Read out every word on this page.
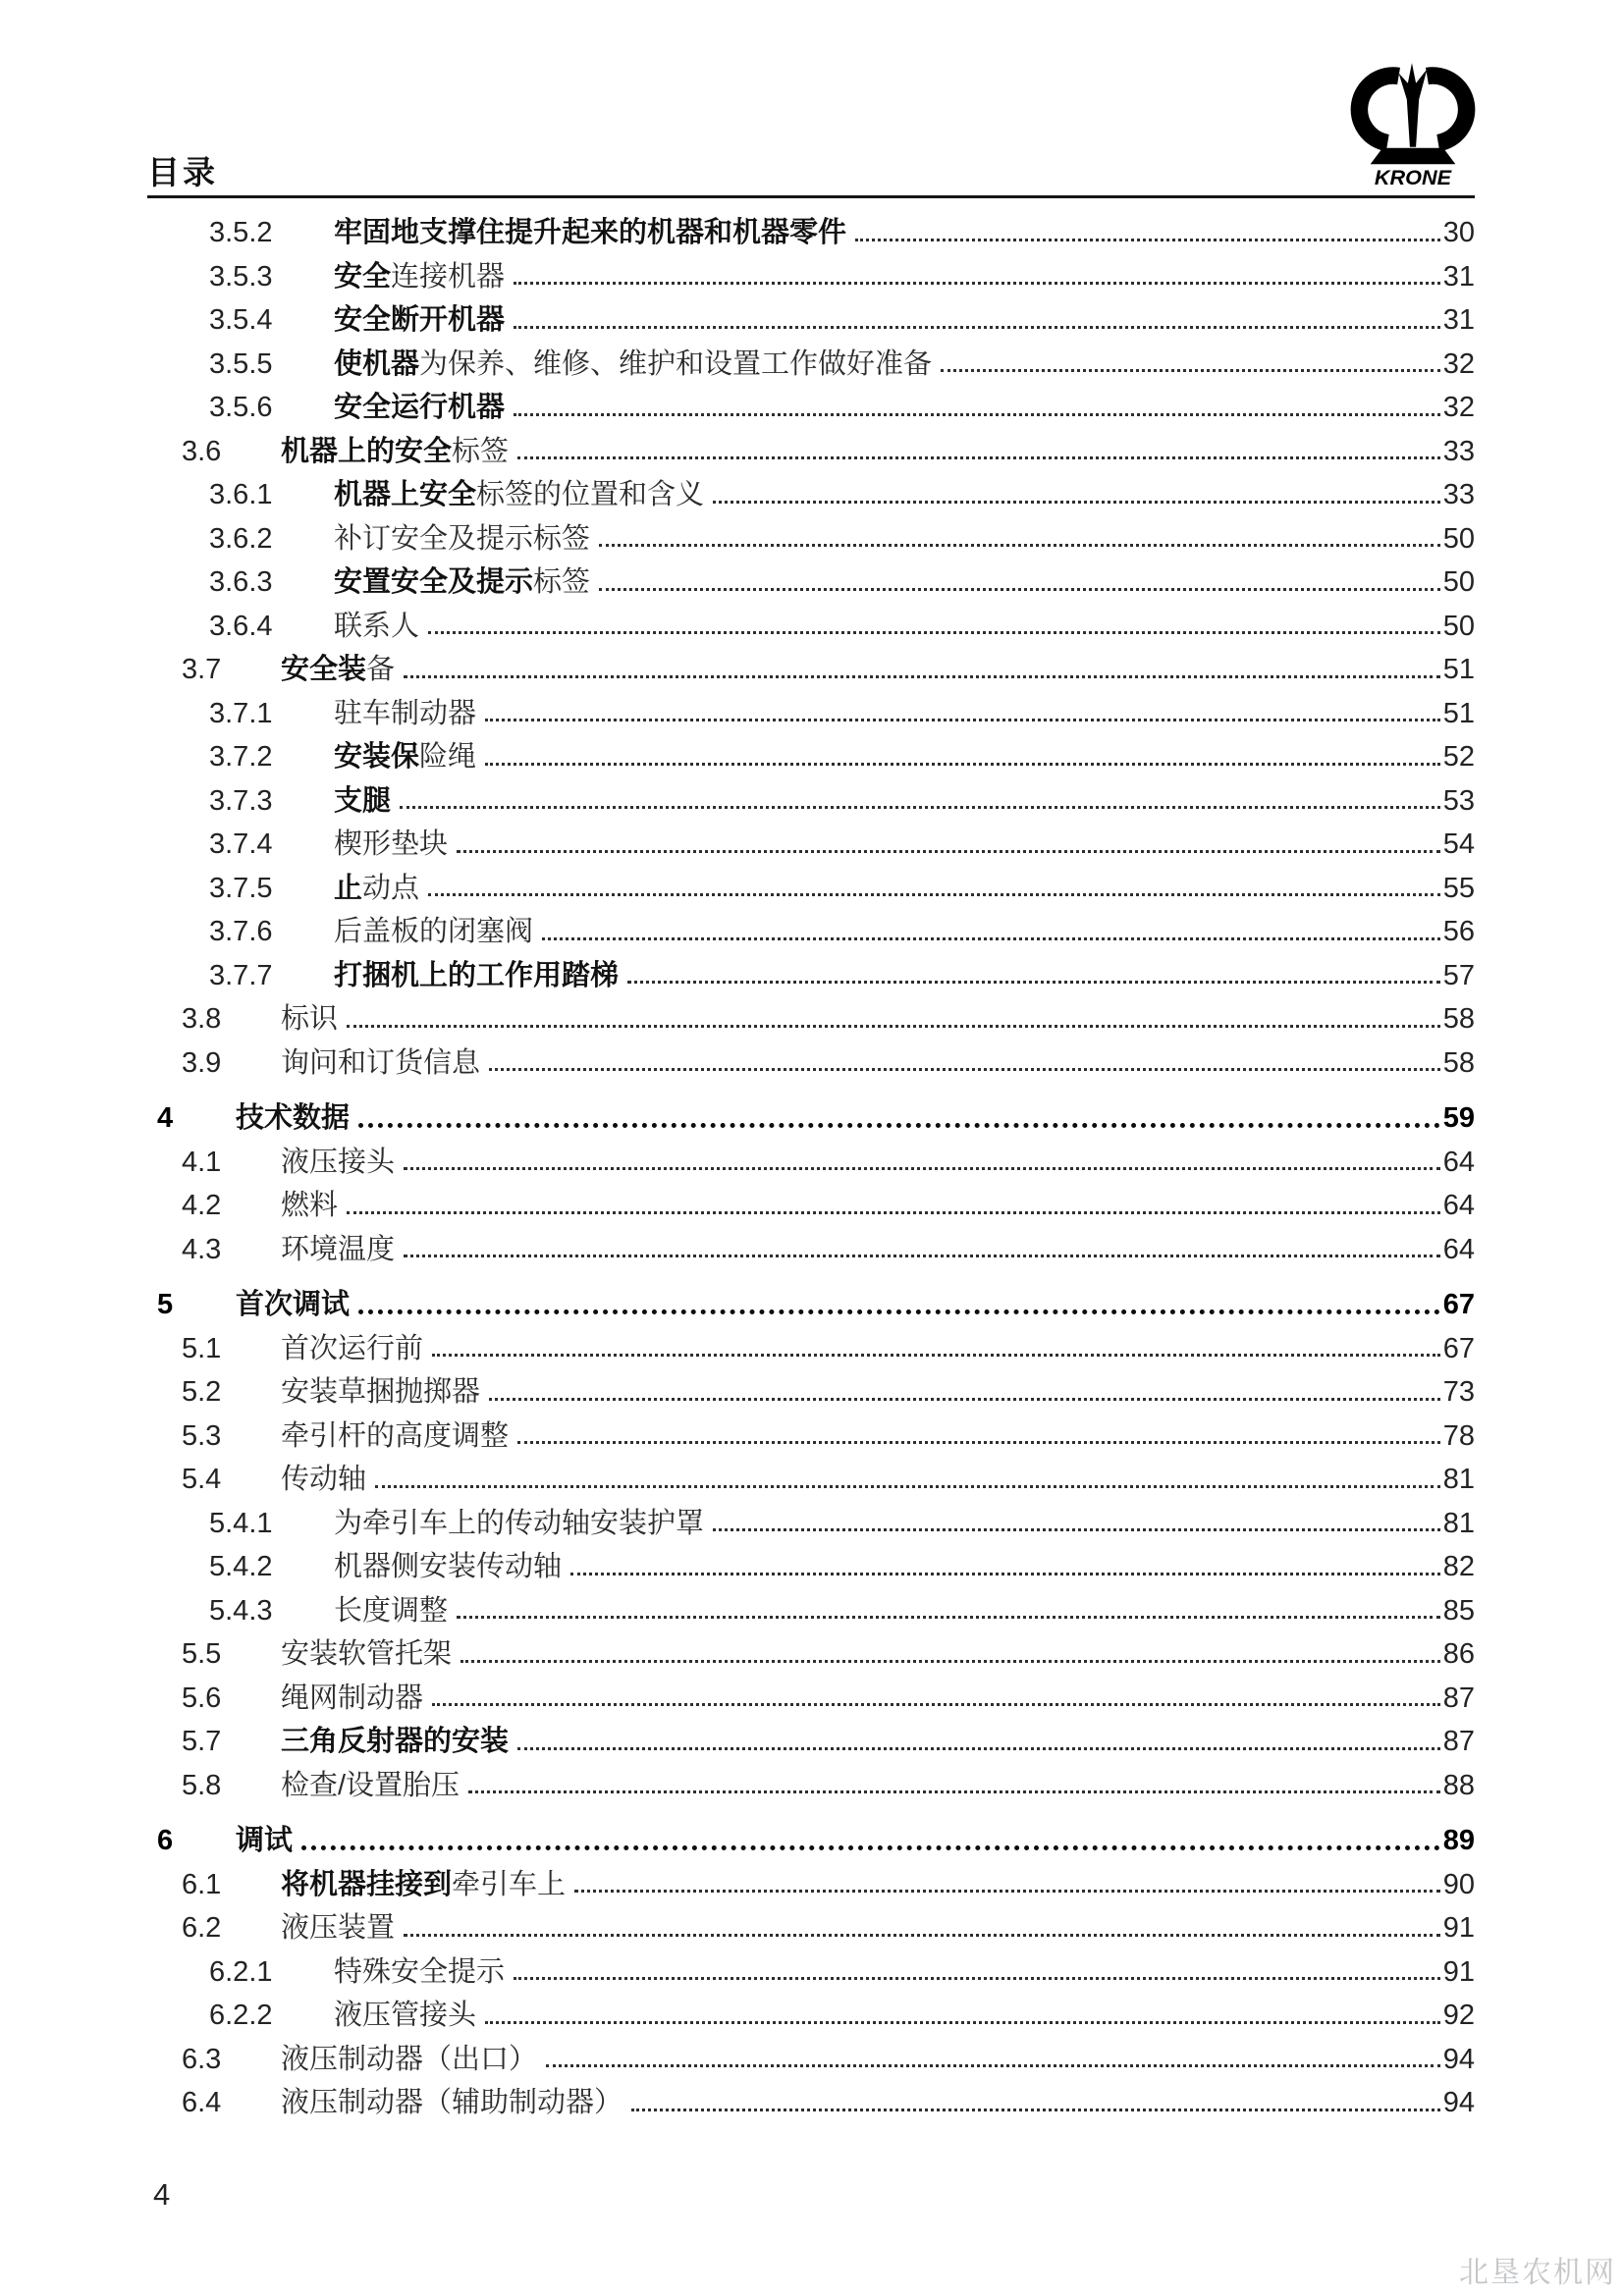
目录	KRONE
3.5.2	牢固地支撑住提升起来的机器和机器零件	30
3.5.3	安全连接机器	31
3.5.4	安全断开机器	31
3.5.5	使机器为保养、维修、维护和设置工作做好准备	32
3.5.6	安全运行机器	32
3.6	机器上的安全标签	33
3.6.1	机器上安全标签的位置和含义	33
3.6.2	补订安全及提示标签	50
3.6.3	安置安全及提示标签	50
3.6.4	联系人	50
3.7	安全装备	51
3.7.1	驻车制动器	51
3.7.2	安装保险绳	52
3.7.3	支腿	53
3.7.4	楔形垫块	54
3.7.5	止动点	55
3.7.6	后盖板的闭塞阀	56
3.7.7	打捆机上的工作用踏梯	57
3.8	标识	58
3.9	询问和订货信息	58
4	技术数据	59
4.1	液压接头	64
4.2	燃料	64
4.3	环境温度	64
5	首次调试	67
5.1	首次运行前	67
5.2	安装草捆抛掷器	73
5.3	牵引杆的高度调整	78
5.4	传动轴	81
5.4.1	为牵引车上的传动轴安装护罩	81
5.4.2	机器侧安装传动轴	82
5.4.3	长度调整	85
5.5	安装软管托架	86
5.6	绳网制动器	87
5.7	三角反射器的安装	87
5.8	检查/设置胎压	88
6	调试	89
6.1	将机器挂接到牵引车上	90
6.2	液压装置	91
6.2.1	特殊安全提示	91
6.2.2	液压管接头	92
6.3	液压制动器（出口）	94
6.4	液压制动器（辅助制动器）	94
4
北垦农机网
